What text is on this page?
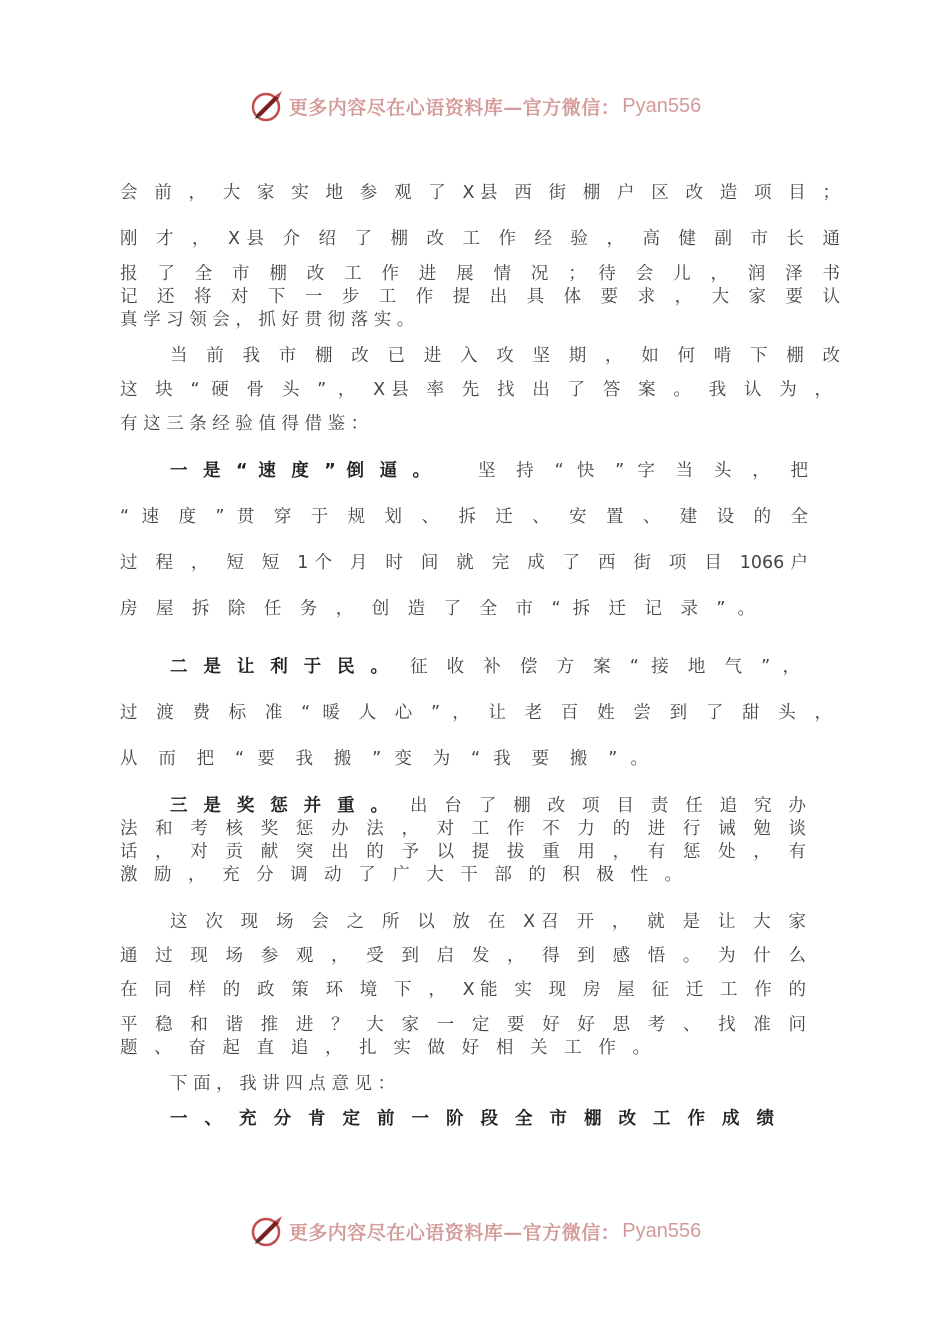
更多内容尽在心语资料库—官方微信： Pyan556
会 前 ， 大 家 实 地 参 观 了 X县 西 街 棚 户 区 改 造 项 目 ；
刚 才 ， X县 介 绍 了 棚 改 工 作 经 验 ， 高 健 副 市 长 通
报 了 全 市 棚 改 工 作 进 展 情 况 ； 待 会 儿 ， 润 泽 书
记 还 将 对 下 一 步 工 作 提 出 具 体 要 求 ， 大 家 要 认
真 学 习 领 会 ， 抓 好 贯 彻 落 实 。
当 前 我 市 棚 改 已 进 入 攻 坚 期 ， 如 何 啃 下 棚 改
这 块 “ 硬 骨 头 ” ， X县 率 先 找 出 了 答 案 。 我 认 为 ，
有 这 三 条 经 验 值 得 借 鉴 ：
一 是 “ 速 度 ” 倒 逼 。	坚 持 “ 快 ” 字 当 头 ， 把
“ 速 度 ” 贯 穿 于 规 划 、 拆 迁 、 安 置 、 建 设 的 全
过 程 ， 短 短 1个 月 时 间 就 完 成 了 西 街 项 目 1066户
房 屋 拆 除 任 务 ， 创 造 了 全 市 “ 拆 迁 记 录 ” 。
二 是 让 利 于 民 。 征 收 补 偿 方 案 “ 接 地 气 ” ，
过 渡 费 标 准 “ 暖 人 心 ” ， 让 老 百 姓 尝 到 了 甜 头 ，
从 而 把 “ 要 我 搬 ” 变 为 “ 我 要 搬 ” 。
三 是 奖 惩 并 重 。 出 台 了 棚 改 项 目 责 任 追 究 办
法 和 考 核 奖 惩 办 法 ， 对 工 作 不 力 的 进 行 诫 勉 谈
话 ， 对 贡 献 突 出 的 予 以 提 拔 重 用 ， 有 惩 处 ， 有
激 励 ， 充 分 调 动 了 广 大 干 部 的 积 极 性 。
这 次 现 场 会 之 所 以 放 在 X召 开 ， 就 是 让 大 家
通 过 现 场 参 观 ， 受 到 启 发 ， 得 到 感 悟 。 为 什 么
在 同 样 的 政 策 环 境 下 ， X能 实 现 房 屋 征 迁 工 作 的
平 稳 和 谐 推 进 ？ 大 家 一 定 要 好 好 思 考 、 找 准 问
题 、 奋 起 直 追 ， 扎 实 做 好 相 关 工 作 。
下 面 ， 我 讲 四 点 意 见 ：
一 、 充 分 肯 定 前 一 阶 段 全 市 棚 改 工 作 成 绩
更多内容尽在心语资料库—官方微信： Pyan556
